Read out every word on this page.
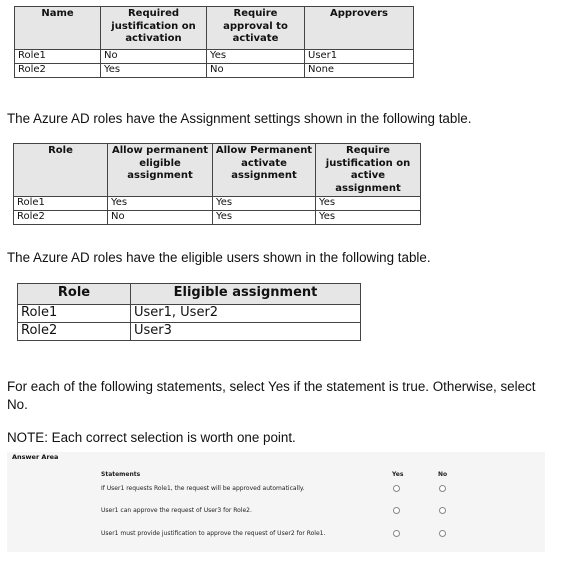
Name	Required justification on activation	Require approval to activate	Approvers
Role1	No	Yes	User1
Role2	Yes	No	None
The Azure AD roles have the Assignment settings shown in the following table.
Role	Allow permanent eligible assignment	Allow Permanent activate assignment	Require justification on active assignment
Role1	Yes	Yes	Yes
Role2	No	Yes	Yes
The Azure AD roles have the eligible users shown in the following table.
Role	Eligible assignment
Role1	User1, User2
Role2	User3
For each of the following statements, select Yes if the statement is true. Otherwise, select No.
NOTE: Each correct selection is worth one point.
Answer Area
Statements	Yes	No
If User1 requests Role1, the request will be approved automatically.
User1 can approve the request of User3 for Role2.
User1 must provide justification to approve the request of User2 for Role1.
